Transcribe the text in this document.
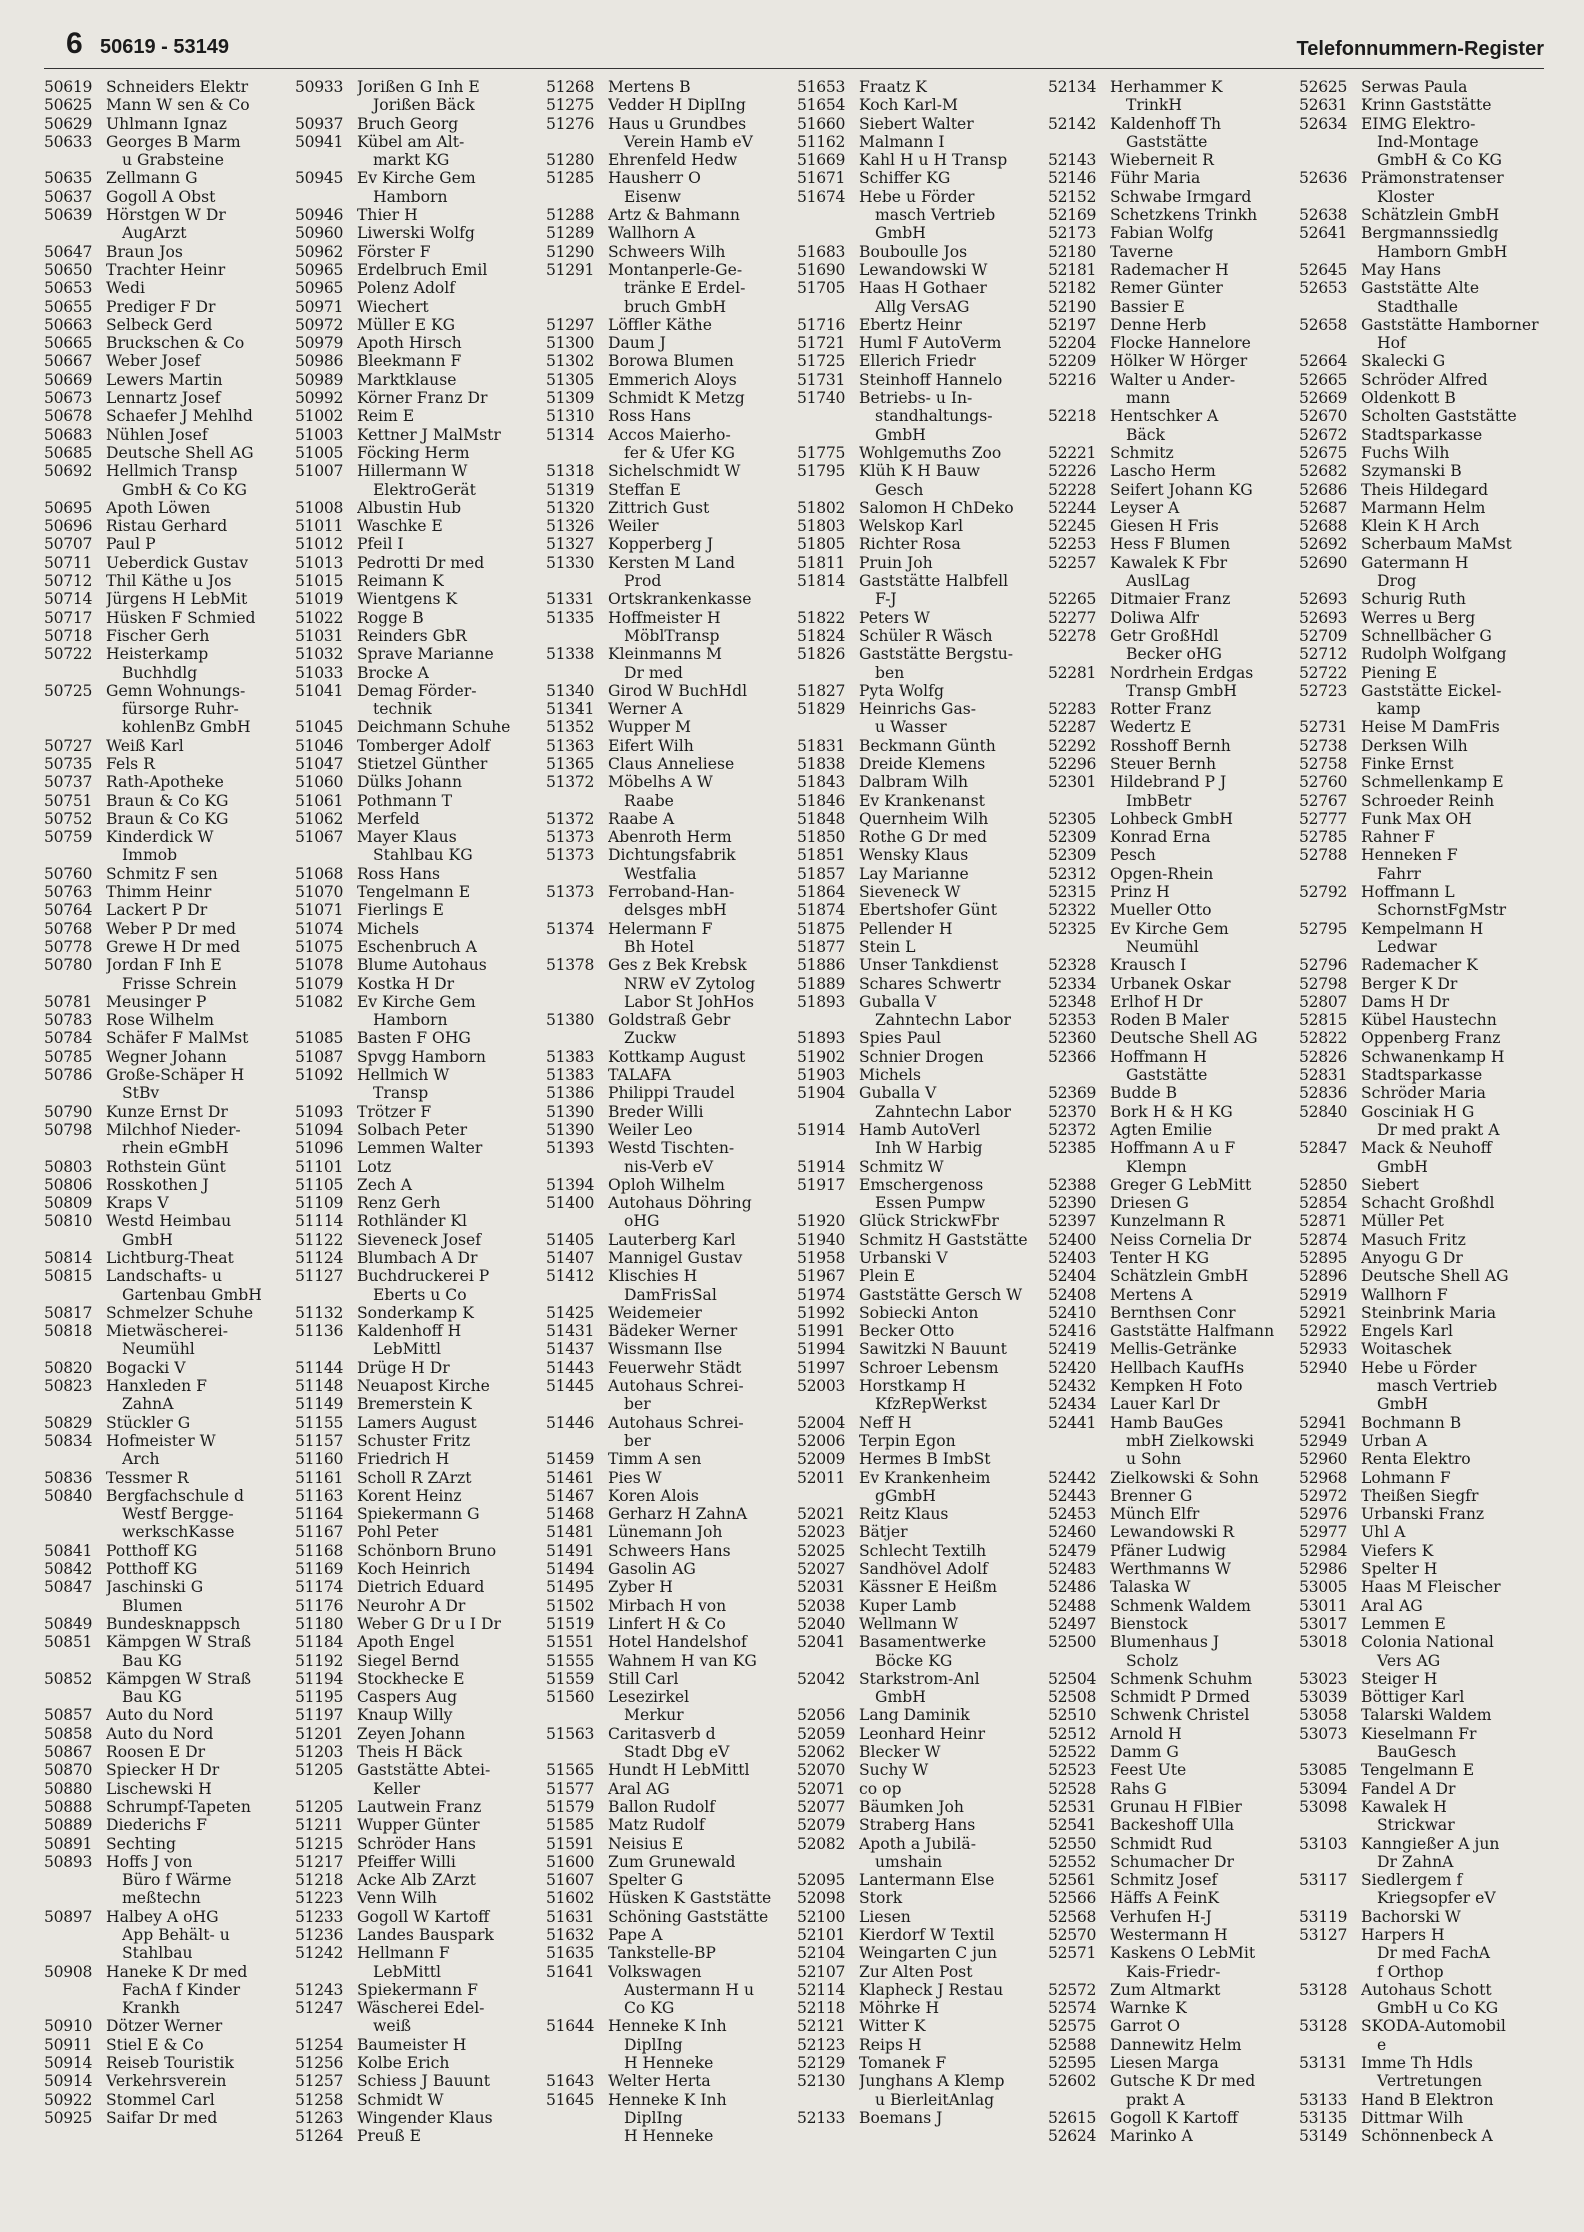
6 50619 - 53149	Telefonnummern-Register
50619 Schneiders Elektr
50625 Mann W sen & Co
50629 Uhlmann Ignaz
50633 Georges B Marm
u Grabsteine
50635 Zellmann G
50637 Gogoll A Obst
50639 Hörstgen W Dr
AugArzt
50647 Braun Jos
50650 Trachter Heinr
50653 Wedi
50655 Prediger F Dr
50663 Selbeck Gerd
50665 Bruckschen & Co
50667 Weber Josef
50669 Lewers Martin
50673 Lennartz Josef
50678 Schaefer J Mehlhd
50683 Nühlen Josef
50685 Deutsche Shell AG
50692 Hellmich Transp
GmbH & Co KG
50695 Apoth Löwen
50696 Ristau Gerhard
50707 Paul P
50711 Ueberdick Gustav
50712 Thil Käthe u Jos
50714 Jürgens H LebMit
50717 Hüsken F Schmied
50718 Fischer Gerh
50722 Heisterkamp
Buchhdlg
50725 Gemn Wohnungs-
fürsorge Ruhr-
kohlenBz GmbH
50727 Weiß Karl
50735 Fels R
50737 Rath-Apotheke
50751 Braun & Co KG
50752 Braun & Co KG
50759 Kinderdick W
Immob
50760 Schmitz F sen
50763 Thimm Heinr
50764 Lackert P Dr
50768 Weber P Dr med
50778 Grewe H Dr med
50780 Jordan F Inh E
Frisse Schrein
50781 Meusinger P
50783 Rose Wilhelm
50784 Schäfer F MalMst
50785 Wegner Johann
50786 Große-Schäper H
StBv
50790 Kunze Ernst Dr
50798 Milchhof Nieder-
rhein eGmbH
50803 Rothstein Günt
50806 Rosskothen J
50809 Kraps V
50810 Westd Heimbau
GmbH
50814 Lichtburg-Theat
50815 Landschafts- u
Gartenbau GmbH
50817 Schmelzer Schuhe
50818 Mietwäscherei-
Neumühl
50820 Bogacki V
50823 Hanxleden F
ZahnA
50829 Stückler G
50834 Hofmeister W
Arch
50836 Tessmer R
50840 Bergfachschule d
Westf Bergge-
werkschKasse
50841 Potthoff KG
50842 Potthoff KG
50847 Jaschinski G
Blumen
50849 Bundesknappsch
50851 Kämpgen W Straß
Bau KG
50852 Kämpgen W Straß
Bau KG
50857 Auto du Nord
50858 Auto du Nord
50867 Roosen E Dr
50870 Spiecker H Dr
50880 Lischewski H
50888 Schrumpf-Tapeten
50889 Diederichs F
50891 Sechting
50893 Hoffs J von
Büro f Wärme
meßtechn
50897 Halbey A oHG
App Behält- u
Stahlbau
50908 Haneke K Dr med
FachA f Kinder
Krankh
50910 Dötzer Werner
50911 Stiel E & Co
50914 Reiseb Touristik
50914 Verkehrsverein
50922 Stommel Carl
50925 Saifar Dr med
50933 Jorißen G Inh E
Jorißen Bäck
50937 Bruch Georg
50941 Kübel am Alt-
markt KG
50945 Ev Kirche Gem
Hamborn
50946 Thier H
50960 Liwerski Wolfg
50962 Förster F
50965 Erdelbruch Emil
50965 Polenz Adolf
50971 Wiechert
50972 Müller E KG
50979 Apoth Hirsch
50986 Bleekmann F
50989 Marktklause
50992 Körner Franz Dr
51002 Reim E
51003 Kettner J MalMstr
51005 Föcking Herm
51007 Hillermann W
ElektroGerät
51008 Albustin Hub
51011 Waschke E
51012 Pfeil I
51013 Pedrotti Dr med
51015 Reimann K
51019 Wientgens K
51022 Rogge B
51031 Reinders GbR
51032 Sprave Marianne
51033 Brocke A
51041 Demag Förder-
technik
51045 Deichmann Schuhe
51046 Tomberger Adolf
51047 Stietzel Günther
51060 Dülks Johann
51061 Pothmann T
51062 Merfeld
51067 Mayer Klaus
Stahlbau KG
51068 Ross Hans
51070 Tengelmann E
51071 Fierlings E
51074 Michels
51075 Eschenbruch A
51078 Blume Autohaus
51079 Kostka H Dr
51082 Ev Kirche Gem
Hamborn
51085 Basten F OHG
51087 Spvgg Hamborn
51092 Hellmich W
Transp
51093 Trötzer F
51094 Solbach Peter
51096 Lemmen Walter
51101 Lotz
51105 Zech A
51109 Renz Gerh
51114 Rothländer Kl
51122 Sieveneck Josef
51124 Blumbach A Dr
51127 Buchdruckerei P
Eberts u Co
51132 Sonderkamp K
51136 Kaldenhoff H
LebMittl
51144 Drüge H Dr
51148 Neuapost Kirche
51149 Bremerstein K
51155 Lamers August
51157 Schuster Fritz
51160 Friedrich H
51161 Scholl R ZArzt
51163 Korent Heinz
51164 Spiekermann G
51167 Pohl Peter
51168 Schönborn Bruno
51169 Koch Heinrich
51174 Dietrich Eduard
51176 Neurohr A Dr
51180 Weber G Dr u I Dr
51184 Apoth Engel
51192 Siegel Bernd
51194 Stockhecke E
51195 Caspers Aug
51197 Knaup Willy
51201 Zeyen Johann
51203 Theis H Bäck
51205 Gaststätte Abtei-
Keller
51205 Lautwein Franz
51211 Wupper Günter
51215 Schröder Hans
51217 Pfeiffer Willi
51218 Acke Alb ZArzt
51223 Venn Wilh
51233 Gogoll W Kartoff
51236 Landes Bauspark
51242 Hellmann F
LebMittl
51243 Spiekermann F
51247 Wäscherei Edel-
weiß
51254 Baumeister H
51256 Kolbe Erich
51257 Schiess J Bauunt
51258 Schmidt W
51263 Wingender Klaus
51264 Preuß E
51268 Mertens B
51275 Vedder H DiplIng
51276 Haus u Grundbes
Verein Hamb eV
51280 Ehrenfeld Hedw
51285 Hausherr O
Eisenw
51288 Artz & Bahmann
51289 Wallhorn A
51290 Schweers Wilh
51291 Montanperle-Ge-
tränke E Erdel-
bruch GmbH
51297 Löffler Käthe
51300 Daum J
51302 Borowa Blumen
51305 Emmerich Aloys
51309 Schmidt K Metzg
51310 Ross Hans
51314 Accos Maierho-
fer & Ufer KG
51318 Sichelschmidt W
51319 Steffan E
51320 Zittrich Gust
51326 Weiler
51327 Kopperberg J
51330 Kersten M Land
Prod
51331 Ortskrankenkasse
51335 Hoffmeister H
MöblTransp
51338 Kleinmanns M
Dr med
51340 Girod W BuchHdl
51341 Werner A
51352 Wupper M
51363 Eifert Wilh
51365 Claus Anneliese
51372 Möbelhs A W
Raabe
51372 Raabe A
51373 Abenroth Herm
51373 Dichtungsfabrik
Westfalia
51373 Ferroband-Han-
delsges mbH
51374 Helermann F
Bh Hotel
51378 Ges z Bek Krebsk
NRW eV Zytolog
Labor St JohHos
51380 Goldstraß Gebr
Zuckw
51383 Kottkamp August
51383 TALAFA
51386 Philippi Traudel
51390 Breder Willi
51390 Weiler Leo
51393 Westd Tischten-
nis-Verb eV
51394 Oploh Wilhelm
51400 Autohaus Döhring
oHG
51405 Lauterberg Karl
51407 Mannigel Gustav
51412 Klischies H
DamFrisSal
51425 Weidemeier
51431 Bädeker Werner
51437 Wissmann Ilse
51443 Feuerwehr Städt
51445 Autohaus Schrei-
ber
51446 Autohaus Schrei-
ber
51459 Timm A sen
51461 Pies W
51467 Koren Alois
51468 Gerharz H ZahnA
51481 Lünemann Joh
51491 Schweers Hans
51494 Gasolin AG
51495 Zyber H
51502 Mirbach H von
51519 Linfert H & Co
51551 Hotel Handelshof
51555 Wahnem H van KG
51559 Still Carl
51560 Lesezirkel
Merkur
51563 Caritasverb d
Stadt Dbg eV
51565 Hundt H LebMittl
51577 Aral AG
51579 Ballon Rudolf
51585 Matz Rudolf
51591 Neisius E
51600 Zum Grunewald
51607 Spelter G
51602 Hüsken K Gaststätte
51631 Schöning Gaststätte
51632 Pape A
51635 Tankstelle-BP
51641 Volkswagen
Austermann H u
Co KG
51644 Henneke K Inh
DiplIng
H Henneke
51643 Welter Herta
51645 Henneke K Inh
DiplIng
H Henneke
51653 Fraatz K
51654 Koch Karl-M
51660 Siebert Walter
51162 Malmann I
51669 Kahl H u H Transp
51671 Schiffer KG
51674 Hebe u Förder
masch Vertrieb
GmbH
51683 Bouboulle Jos
51690 Lewandowski W
51705 Haas H Gothaer
Allg VersAG
51716 Ebertz Heinr
51721 Huml F AutoVerm
51725 Ellerich Friedr
51731 Steinhoff Hannelo
51740 Betriebs- u In-
standhaltungs-
GmbH
51775 Wohlgemuths Zoo
51795 Klüh K H Bauw
Gesch
51802 Salomon H ChDeko
51803 Welskop Karl
51805 Richter Rosa
51811 Pruin Joh
51814 Gaststätte Halbfell
F-J
51822 Peters W
51824 Schüler R Wäsch
51826 Gaststätte Bergstu-
ben
51827 Pyta Wolfg
51829 Heinrichs Gas-
u Wasser
51831 Beckmann Günth
51838 Dreide Klemens
51843 Dalbram Wilh
51846 Ev Krankenanst
51848 Quernheim Wilh
51850 Rothe G Dr med
51851 Wensky Klaus
51857 Lay Marianne
51864 Sieveneck W
51874 Ebertshofer Günt
51875 Pellender H
51877 Stein L
51886 Unser Tankdienst
51889 Schares Schwertr
51893 Guballa V
Zahntechn Labor
51893 Spies Paul
51902 Schnier Drogen
51903 Michels
51904 Guballa V
Zahntechn Labor
51914 Hamb AutoVerl
Inh W Harbig
51914 Schmitz W
51917 Emschergenoss
Essen Pumpw
51920 Glück StrickwFbr
51940 Schmitz H Gaststätte
51958 Urbanski V
51967 Plein E
51974 Gaststätte Gersch W
51992 Sobiecki Anton
51991 Becker Otto
51994 Sawitzki N Bauunt
51997 Schroer Lebensm
52003 Horstkamp H
KfzRepWerkst
52004 Neff H
52006 Terpin Egon
52009 Hermes B ImbSt
52011 Ev Krankenheim
gGmbH
52021 Reitz Klaus
52023 Bätjer
52025 Schlecht Textilh
52027 Sandhövel Adolf
52031 Kässner E Heißm
52038 Kuper Lamb
52040 Wellmann W
52041 Basamentwerke
Böcke KG
52042 Starkstrom-Anl
GmbH
52056 Lang Daminik
52059 Leonhard Heinr
52062 Blecker W
52070 Suchy W
52071 co op
52077 Bäumken Joh
52079 Straberg Hans
52082 Apoth a Jubilä-
umshain
52095 Lantermann Else
52098 Stork
52100 Liesen
52101 Kierdorf W Textil
52104 Weingarten C jun
52107 Zur Alten Post
52114 Klapheck J Restau
52118 Möhrke H
52121 Witter K
52123 Reips H
52129 Tomanek F
52130 Junghans A Klemp
u BierleitAnlag
52133 Boemans J
52134 Herhammer K
TrinkH
52142 Kaldenhoff Th
Gaststätte
52143 Wieberneit R
52146 Führ Maria
52152 Schwabe Irmgard
52169 Schetzkens Trinkh
52173 Fabian Wolfg
52180 Taverne
52181 Rademacher H
52182 Remer Günter
52190 Bassier E
52197 Denne Herb
52204 Flocke Hannelore
52209 Hölker W Hörger
52216 Walter u Ander-
mann
52218 Hentschker A
Bäck
52221 Schmitz
52226 Lascho Herm
52228 Seifert Johann KG
52244 Leyser A
52245 Giesen H Fris
52253 Hess F Blumen
52257 Kawalek K Fbr
AuslLag
52265 Ditmaier Franz
52277 Doliwa Alfr
52278 Getr GroßHdl
Becker oHG
52281 Nordrhein Erdgas
Transp GmbH
52283 Rotter Franz
52287 Wedertz E
52292 Rosshoff Bernh
52296 Steuer Bernh
52301 Hildebrand P J
ImbBetr
52305 Lohbeck GmbH
52309 Konrad Erna
52309 Pesch
52312 Opgen-Rhein
52315 Prinz H
52322 Mueller Otto
52325 Ev Kirche Gem
Neumühl
52328 Krausch I
52334 Urbanek Oskar
52348 Erlhof H Dr
52353 Roden B Maler
52360 Deutsche Shell AG
52366 Hoffmann H
Gaststätte
52369 Budde B
52370 Bork H & H KG
52372 Agten Emilie
52385 Hoffmann A u F
Klempn
52388 Greger G LebMitt
52390 Driesen G
52397 Kunzelmann R
52400 Neiss Cornelia Dr
52403 Tenter H KG
52404 Schätzlein GmbH
52408 Mertens A
52410 Bernthsen Conr
52416 Gaststätte Halfmann
52419 Mellis-Getränke
52420 Hellbach KaufHs
52432 Kempken H Foto
52434 Lauer Karl Dr
52441 Hamb BauGes
mbH Zielkowski
u Sohn
52442 Zielkowski & Sohn
52443 Brenner G
52453 Münch Elfr
52460 Lewandowski R
52479 Pfäner Ludwig
52483 Werthmanns W
52486 Talaska W
52488 Schmenk Waldem
52497 Bienstock
52500 Blumenhaus J
Scholz
52504 Schmenk Schuhm
52508 Schmidt P Drmed
52510 Schwenk Christel
52512 Arnold H
52522 Damm G
52523 Feest Ute
52528 Rahs G
52531 Grunau H FlBier
52541 Backeshoff Ulla
52550 Schmidt Rud
52552 Schumacher Dr
52561 Schmitz Josef
52566 Häffs A FeinK
52568 Verhufen H-J
52570 Westermann H
52571 Kaskens O LebMit
Kais-Friedr-
52572 Zum Altmarkt
52574 Warnke K
52575 Garrot O
52588 Dannewitz Helm
52595 Liesen Marga
52602 Gutsche K Dr med
prakt A
52615 Gogoll K Kartoff
52624 Marinko A
52625 Serwas Paula
52631 Krinn Gaststätte
52634 EIMG Elektro-
Ind-Montage
GmbH & Co KG
52636 Prämonstratenser
Kloster
52638 Schätzlein GmbH
52641 Bergmannssiedlg
Hamborn GmbH
52645 May Hans
52653 Gaststätte Alte
Stadthalle
52658 Gaststätte Hamborner
Hof
52664 Skalecki G
52665 Schröder Alfred
52669 Oldenkott B
52670 Scholten Gaststätte
52672 Stadtsparkasse
52675 Fuchs Wilh
52682 Szymanski B
52686 Theis Hildegard
52687 Marmann Helm
52688 Klein K H Arch
52692 Scherbaum MaMst
52690 Gatermann H
Drog
52693 Schurig Ruth
52693 Werres u Berg
52709 Schnellbächer G
52712 Rudolph Wolfgang
52722 Piening E
52723 Gaststätte Eickel-
kamp
52731 Heise M DamFris
52738 Derksen Wilh
52758 Finke Ernst
52760 Schmellenkamp E
52767 Schroeder Reinh
52777 Funk Max OH
52785 Rahner F
52788 Henneken F
Fahrr
52792 Hoffmann L
SchornstFgMstr
52795 Kempelmann H
Ledwar
52796 Rademacher K
52798 Berger K Dr
52807 Dams H Dr
52815 Kübel Haustechn
52822 Oppenberg Franz
52826 Schwanenkamp H
52831 Stadtsparkasse
52836 Schröder Maria
52840 Gosciniak H G
Dr med prakt A
52847 Mack & Neuhoff
GmbH
52850 Siebert
52854 Schacht Großhdl
52871 Müller Pet
52874 Masuch Fritz
52895 Anyogu G Dr
52896 Deutsche Shell AG
52919 Wallhorn F
52921 Steinbrink Maria
52922 Engels Karl
52933 Woitaschek
52940 Hebe u Förder
masch Vertrieb
GmbH
52941 Bochmann B
52949 Urban A
52960 Renta Elektro
52968 Lohmann F
52972 Theißen Siegfr
52976 Urbanski Franz
52977 Uhl A
52984 Viefers K
52986 Spelter H
53005 Haas M Fleischer
53011 Aral AG
53017 Lemmen E
53018 Colonia National
Vers AG
53023 Steiger H
53039 Böttiger Karl
53058 Talarski Waldem
53073 Kieselmann Fr
BauGesch
53085 Tengelmann E
53094 Fandel A Dr
53098 Kawalek H
Strickwar
53103 Kanngießer A jun
Dr ZahnA
53117 Siedlergem f
Kriegsopfer eV
53119 Bachorski W
53127 Harpers H
Dr med FachA
f Orthop
53128 Autohaus Schott
GmbH u Co KG
53128 SKODA-Automobil
e
53131 Imme Th Hdls
Vertretungen
53133 Hand B Elektron
53135 Dittmar Wilh
53149 Schönnenbeck A
